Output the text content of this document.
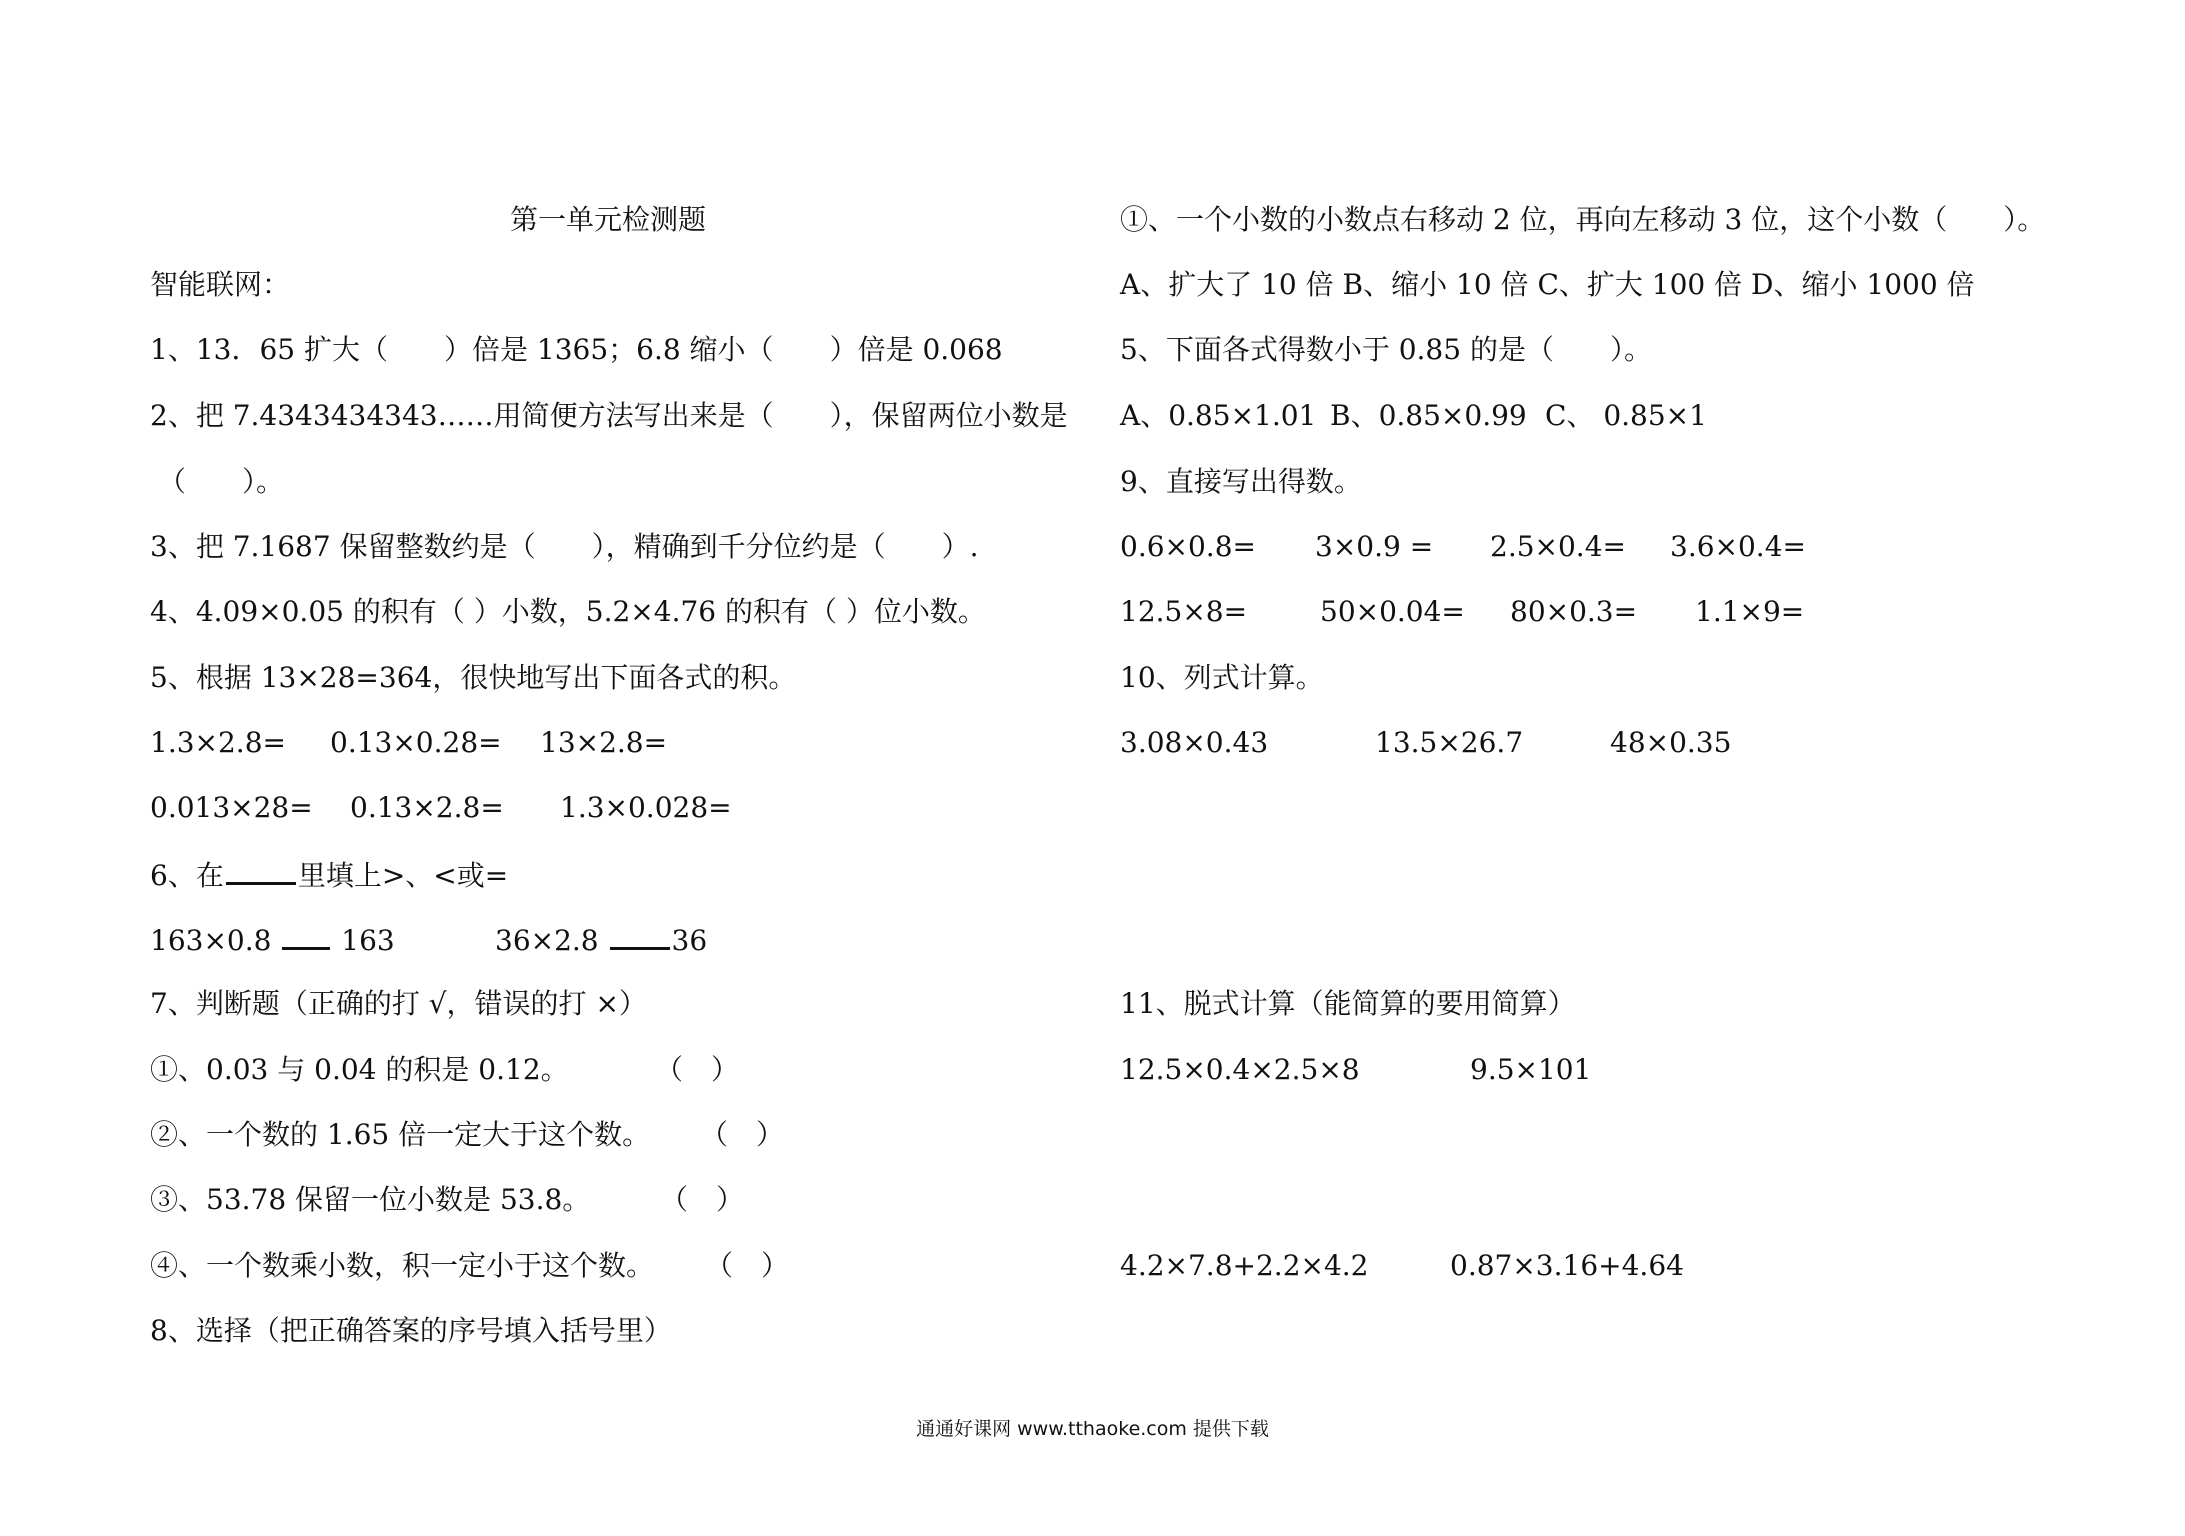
第一单元检测题
智能联网：
1、13．65 扩大（　　）倍是 1365；6.8 缩小（　　）倍是 0.068
2、把 7.4343434343……用简便方法写出来是（　　），保留两位小数是
（　　）。
3、把 7.1687 保留整数约是（　　），精确到千分位约是（　　）.
4、4.09×0.05 的积有（ ）小数，5.2×4.76 的积有（ ）位小数。
5、根据 13×28=364，很快地写出下面各式的积。
1.3×2.8= 0.13×0.28= 13×2.8=
0.013×28= 0.13×2.8= 1.3×0.028=
6、在	里填上>、<或=
163×0.8 163	36×2.8	36
7、判断题（正确的打 √，错误的打 ×）
①、0.03 与 0.04 的积是 0.12。	（　）
②、一个数的 1.65 倍一定大于这个数。 （　）
③、53.78 保留一位小数是 53.8。 （　）
④、一个数乘小数，积一定小于这个数。 （　）
8、选择（把正确答案的序号填入括号里）
①、一个小数的小数点右移动 2 位，再向左移动 3 位，这个小数（　　）。
A、扩大了 10 倍 B、缩小 10 倍 C、扩大 100 倍 D、缩小 1000 倍
5、下面各式得数小于 0.85 的是（　　）。
A、0.85×1.01 B、0.85×0.99 C、 0.85×1
9、直接写出得数。
0.6×0.8= 3×0.9 = 2.5×0.4= 3.6×0.4=
12.5×8=	50×0.04= 80×0.3= 1.1×9=
10、列式计算。
3.08×0.43	13.5×26.7	48×0.35
11、脱式计算（能简算的要用简算）
12.5×0.4×2.5×8	9.5×101
4.2×7.8+2.2×4.2	0.87×3.16+4.64
通通好课网 www.tthaoke.com 提供下载
